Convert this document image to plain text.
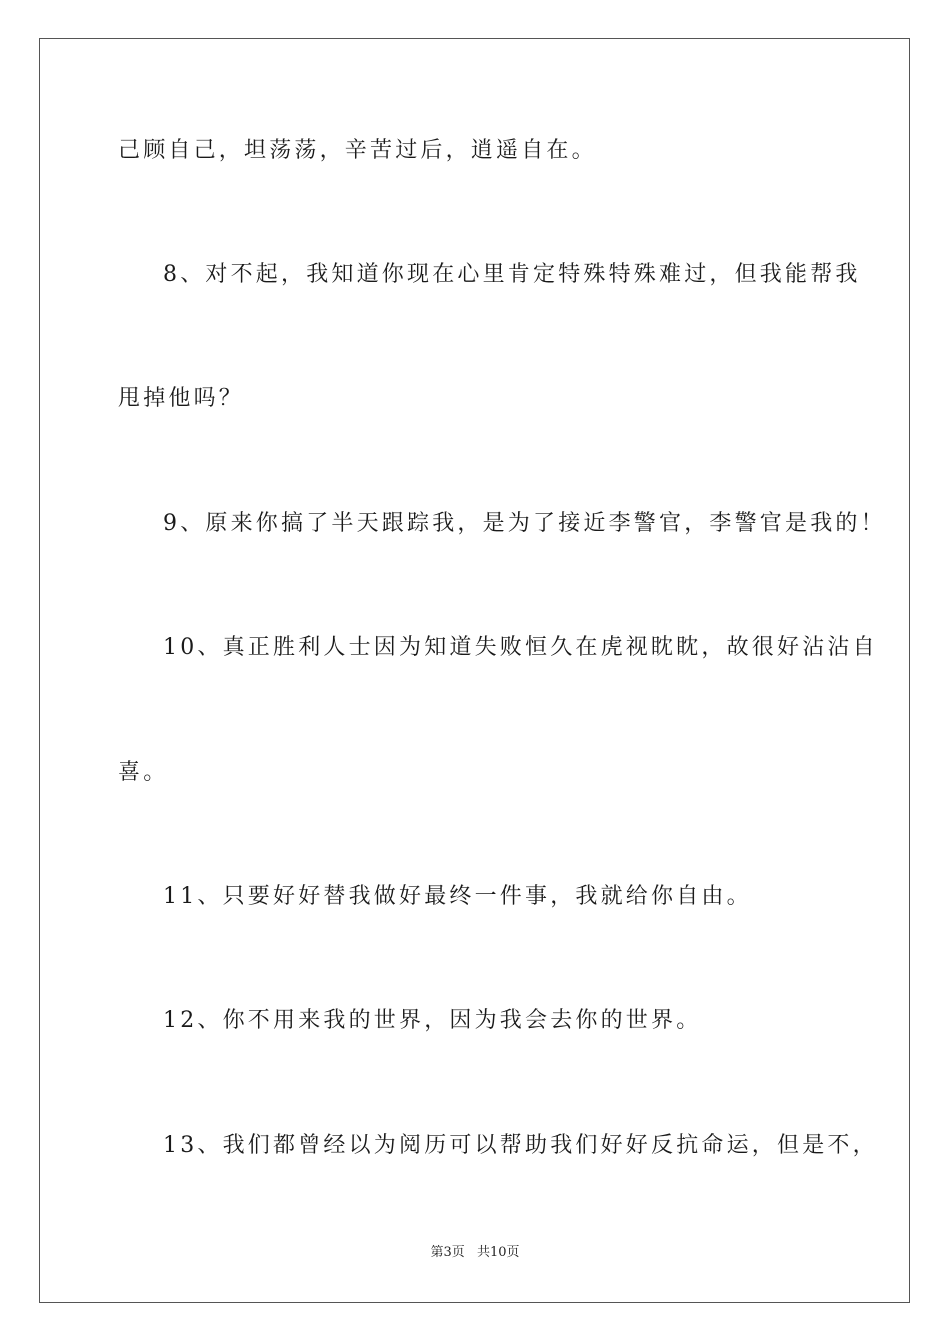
己顾自己，坦荡荡，辛苦过后，逍遥自在。
8、对不起，我知道你现在心里肯定特殊特殊难过，但我能帮我
甩掉他吗？
9、原来你搞了半天跟踪我，是为了接近李警官，李警官是我的！
10、真正胜利人士因为知道失败恒久在虎视眈眈，故很好沾沾自
喜。
11、只要好好替我做好最终一件事，我就给你自由。
12、你不用来我的世界，因为我会去你的世界。
13、我们都曾经以为阅历可以帮助我们好好反抗命运，但是不，
第3页 共10页
